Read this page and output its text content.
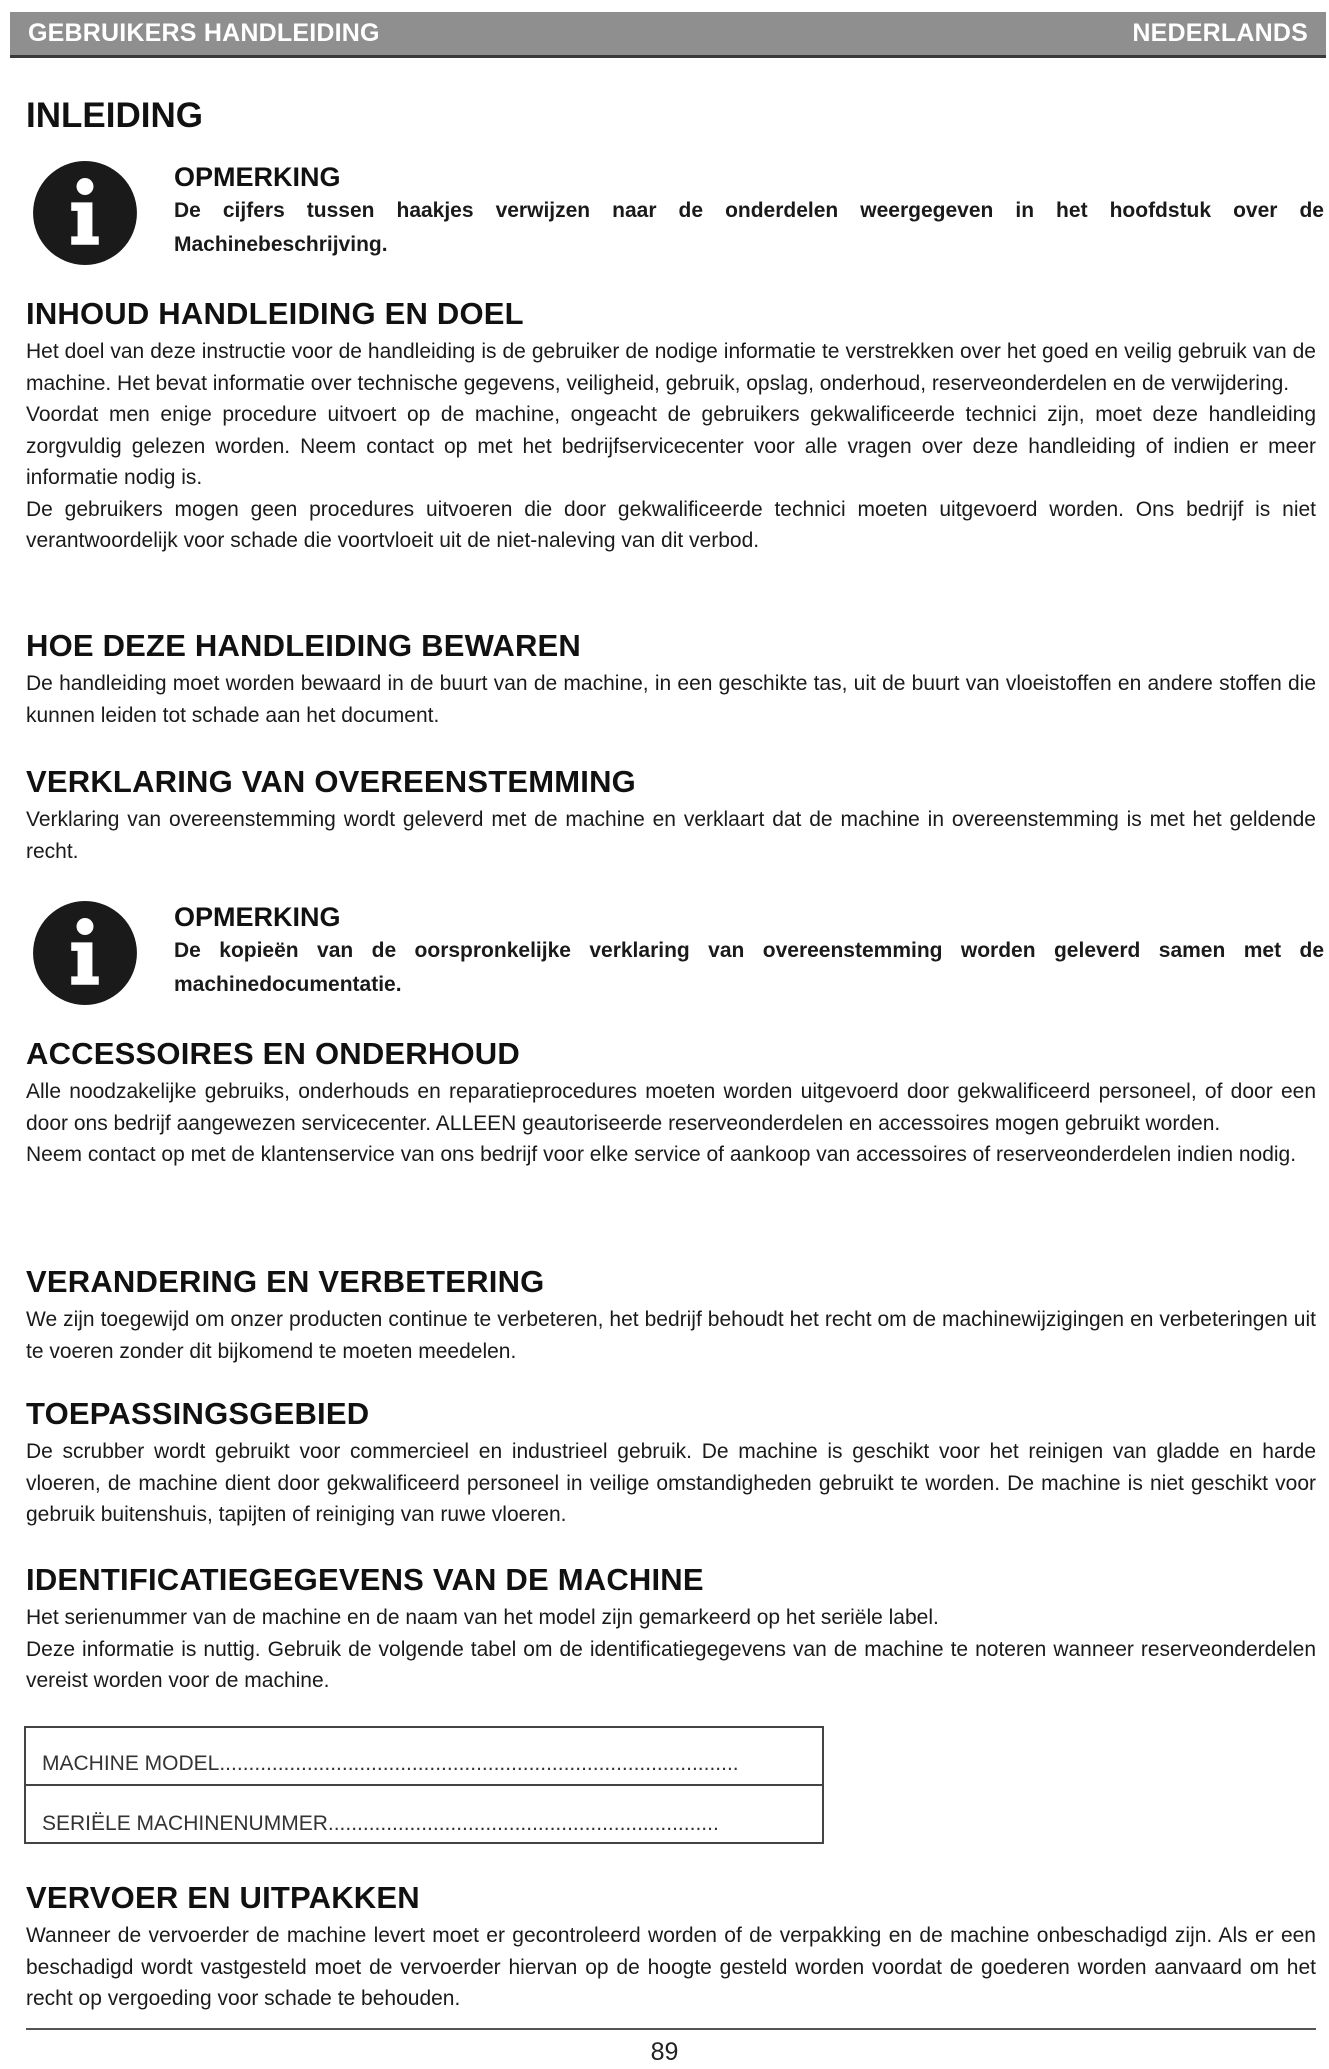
GEBRUIKERS HANDLEIDING	NEDERLANDS
INLEIDING
OPMERKING
De cijfers tussen haakjes verwijzen naar de onderdelen weergegeven in het hoofdstuk over de Machinebeschrijving.
INHOUD HANDLEIDING EN DOEL

Het doel van deze instructie voor de handleiding is de gebruiker de nodige informatie te verstrekken over het goed en veilig gebruik van de machine. Het bevat informatie over technische gegevens, veiligheid, gebruik, opslag, onderhoud, reserveonderdelen en de verwijdering.

Voordat men enige procedure uitvoert op de machine, ongeacht de gebruikers gekwalificeerde technici zijn, moet deze handleiding zorgvuldig gelezen worden. Neem contact op met het bedrijfservicecenter voor alle vragen over deze handleiding of indien er meer informatie nodig is.

De gebruikers mogen geen procedures uitvoeren die door gekwalificeerde technici moeten uitgevoerd worden. Ons bedrijf is niet verantwoordelijk voor schade die voortvloeit uit de niet-naleving van dit verbod.

HOE DEZE HANDLEIDING BEWAREN

De handleiding moet worden bewaard in de buurt van de machine, in een geschikte tas, uit de buurt van vloeistoffen en andere stoffen die kunnen leiden tot schade aan het document.

VERKLARING VAN OVEREENSTEMMING

Verklaring van overeenstemming wordt geleverd met de machine en verklaart dat de machine in overeenstemming is met het geldende recht.

OPMERKING
De kopieën van de oorspronkelijke verklaring van overeenstemming worden geleverd samen met de machinedocumentatie.
ACCESSOIRES EN ONDERHOUD

Alle noodzakelijke gebruiks, onderhouds en reparatieprocedures moeten worden uitgevoerd door gekwalificeerd personeel, of door een door ons bedrijf aangewezen servicecenter. ALLEEN geautoriseerde reserveonderdelen en accessoires mogen gebruikt worden.

Neem contact op met de klantenservice van ons bedrijf voor elke service of aankoop van accessoires of reserveonderdelen indien nodig.

VERANDERING EN VERBETERING

We zijn toegewijd om onzer producten continue te verbeteren, het bedrijf behoudt het recht om de machinewijzigingen en verbeteringen uit te voeren zonder dit bijkomend te moeten meedelen.

TOEPASSINGSGEBIED

De scrubber wordt gebruikt voor commercieel en industrieel gebruik. De machine is geschikt voor het reinigen van gladde en harde vloeren, de machine dient door gekwalificeerd personeel in veilige omstandigheden gebruikt te worden. De machine is niet geschikt voor gebruik buitenshuis, tapijten of reiniging van ruwe vloeren.

IDENTIFICATIEGEGEVENS VAN DE MACHINE

Het serienummer van de machine en de naam van het model zijn gemarkeerd op het seriële label.

Deze informatie is nuttig. Gebruik de volgende tabel om de identificatiegegevens van de machine te noteren wanneer reserveonderdelen vereist worden voor de machine.

MACHINE MODEL.........................................................................................
SERIËLE MACHINENUMMER...................................................................
VERVOER EN UITPAKKEN

Wanneer de vervoerder de machine levert moet er gecontroleerd worden of de verpakking en de machine onbeschadigd zijn. Als er een beschadigd wordt vastgesteld moet de vervoerder hiervan op de hoogte gesteld worden voordat de goederen worden aanvaard om het recht op vergoeding voor schade te behouden.

89
